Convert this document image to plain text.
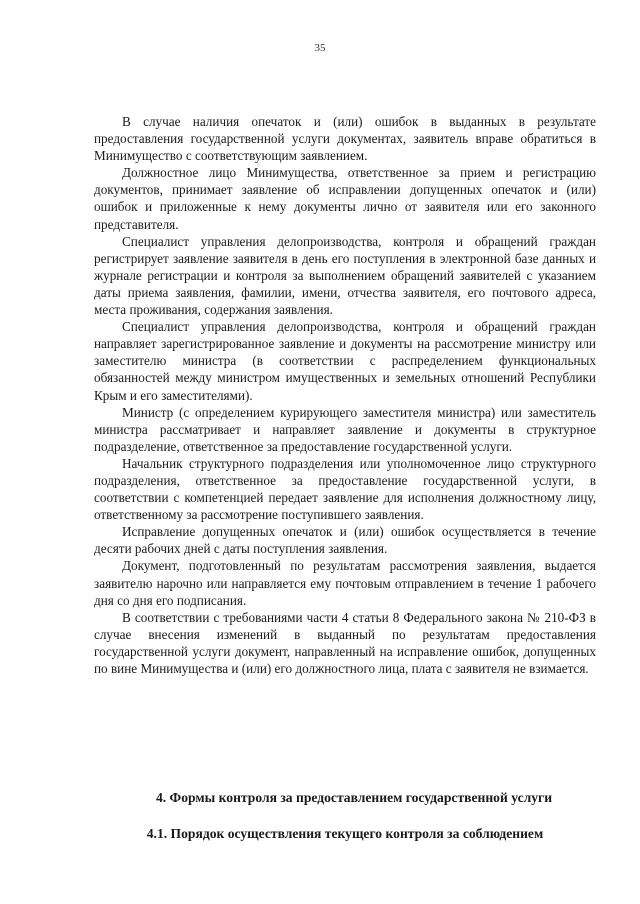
35

В случае наличия опечаток и (или) ошибок в выданных в результате предоставления государственной услуги документах, заявитель вправе обратиться в Минимущество с соответствующим заявлением.

Должностное лицо Минимущества, ответственное за прием и регистрацию документов, принимает заявление об исправлении допущенных опечаток и (или) ошибок и приложенные к нему документы лично от заявителя или его законного представителя.

Специалист управления делопроизводства, контроля и обращений граждан регистрирует заявление заявителя в день его поступления в электронной базе данных и журнале регистрации и контроля за выполнением обращений заявителей с указанием даты приема заявления, фамилии, имени, отчества заявителя, его почтового адреса, места проживания, содержания заявления.

Специалист управления делопроизводства, контроля и обращений граждан направляет зарегистрированное заявление и документы на рассмотрение министру или заместителю министра (в соответствии с распределением функциональных обязанностей между министром имущественных и земельных отношений Республики Крым и его заместителями).

Министр (с определением курирующего заместителя министра) или заместитель министра рассматривает и направляет заявление и документы в структурное подразделение, ответственное за предоставление государственной услуги.

Начальник структурного подразделения или уполномоченное лицо структурного подразделения, ответственное за предоставление государственной услуги, в соответствии с компетенцией передает заявление для исполнения должностному лицу, ответственному за рассмотрение поступившего заявления.

Исправление допущенных опечаток и (или) ошибок осуществляется в течение десяти рабочих дней с даты поступления заявления.

Документ, подготовленный по результатам рассмотрения заявления, выдается заявителю нарочно или направляется ему почтовым отправлением в течение 1 рабочего дня со дня его подписания.

В соответствии с требованиями части 4 статьи 8 Федерального закона № 210-ФЗ в случае внесения изменений в выданный по результатам предоставления государственной услуги документ, направленный на исправление ошибок, допущенных по вине Минимущества и (или) его должностного лица, плата с заявителя не взимается.

4. Формы контроля за предоставлением государственной услуги
4.1. Порядок осуществления текущего контроля за соблюдением
